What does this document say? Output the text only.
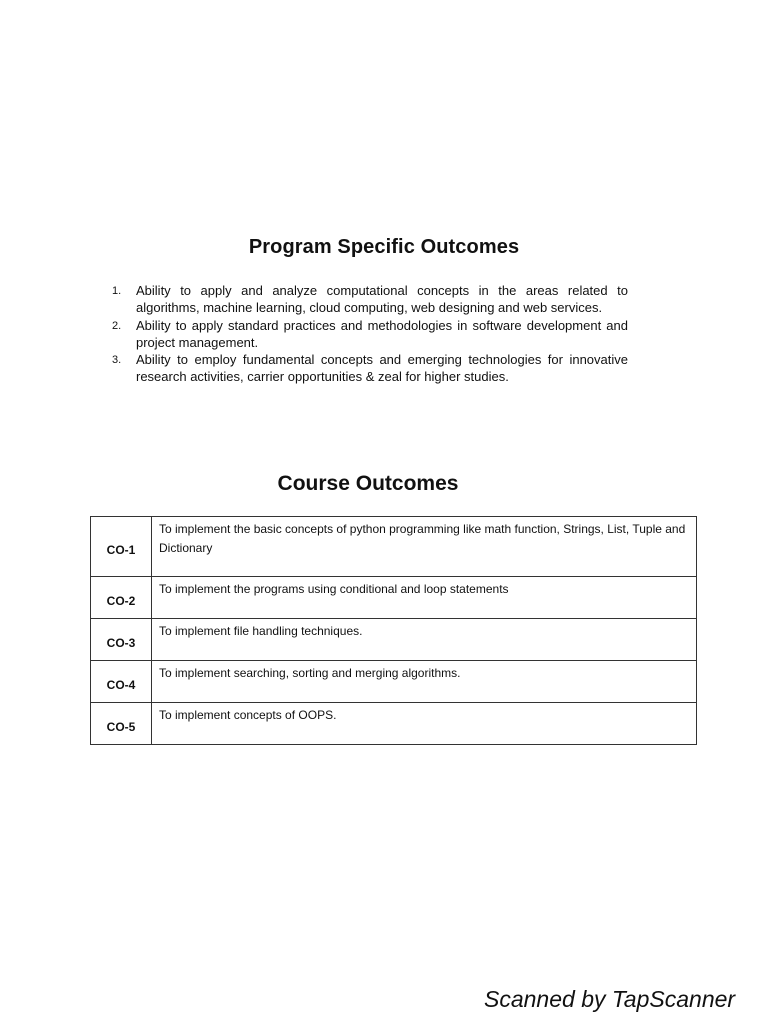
Program Specific Outcomes
1. Ability to apply and analyze computational concepts in the areas related to algorithms, machine learning, cloud computing, web designing and web services.
2. Ability to apply standard practices and methodologies in software development and project management.
3. Ability to employ fundamental concepts and emerging technologies for innovative research activities, carrier opportunities & zeal for higher studies.
Course Outcomes
CO-1	To implement the basic concepts of python programming like math function, Strings, List, Tuple and Dictionary
CO-2	To implement the programs using conditional and loop statements
CO-3	To implement file handling techniques.
CO-4	To implement searching, sorting and merging algorithms.
CO-5	To implement concepts of OOPS.
Scanned by TapScanner
